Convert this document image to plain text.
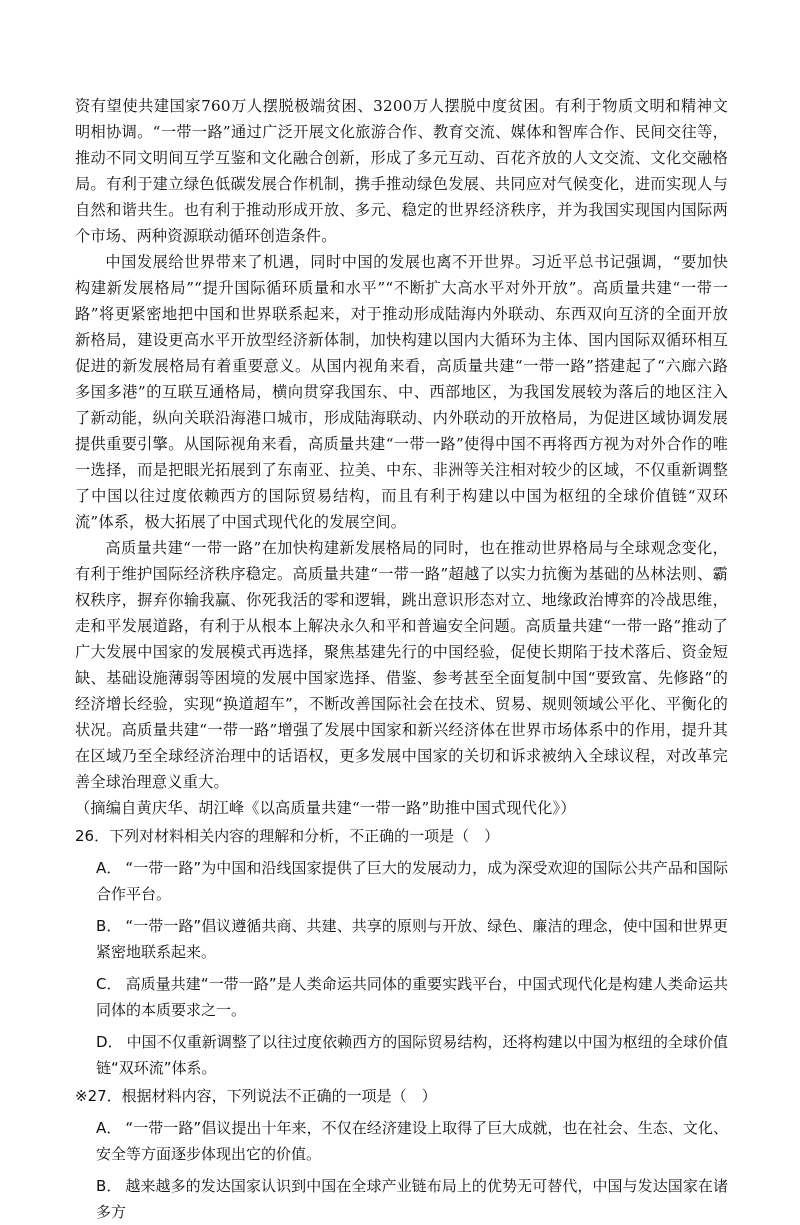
资有望使共建国家760万人摆脱极端贫困、3200万人摆脱中度贫困。有利于物质文明和精神文明相协调。“一带一路”通过广泛开展文化旅游合作、教育交流、媒体和智库合作、民间交往等，推动不同文明间互学互鉴和文化融合创新，形成了多元互动、百花齐放的人文交流、文化交融格局。有利于建立绿色低碳发展合作机制，携手推动绿色发展、共同应对气候变化，进而实现人与自然和谐共生。也有利于推动形成开放、多元、稳定的世界经济秩序，并为我国实现国内国际两个市场、两种资源联动循环创造条件。

中国发展给世界带来了机遇，同时中国的发展也离不开世界。习近平总书记强调，“要加快构建新发展格局”“提升国际循环质量和水平”“不断扩大高水平对外开放”。高质量共建“一带一路”将更紧密地把中国和世界联系起来，对于推动形成陆海内外联动、东西双向互济的全面开放新格局，建设更高水平开放型经济新体制，加快构建以国内大循环为主体、国内国际双循环相互促进的新发展格局有着重要意义。从国内视角来看，高质量共建“一带一路”搭建起了“六廊六路多国多港”的互联互通格局，横向贯穿我国东、中、西部地区，为我国发展较为落后的地区注入了新动能，纵向关联沿海港口城市，形成陆海联动、内外联动的开放格局，为促进区域协调发展提供重要引擎。从国际视角来看，高质量共建“一带一路”使得中国不再将西方视为对外合作的唯一选择，而是把眼光拓展到了东南亚、拉美、中东、非洲等关注相对较少的区域，不仅重新调整了中国以往过度依赖西方的国际贸易结构，而且有利于构建以中国为枢纽的全球价值链“双环流”体系，极大拓展了中国式现代化的发展空间。

高质量共建“一带一路”在加快构建新发展格局的同时，也在推动世界格局与全球观念变化，有利于维护国际经济秩序稳定。高质量共建“一带一路”超越了以实力抗衡为基础的丛林法则、霸权秩序，摒弃你输我赢、你死我活的零和逻辑，跳出意识形态对立、地缘政治博弈的冷战思维，走和平发展道路，有利于从根本上解决永久和平和普遍安全问题。高质量共建“一带一路”推动了广大发展中国家的发展模式再选择，聚焦基建先行的中国经验，促使长期陷于技术落后、资金短缺、基础设施薄弱等困境的发展中国家选择、借鉴、参考甚至全面复制中国“要致富、先修路”的经济增长经验，实现“换道超车”，不断改善国际社会在技术、贸易、规则领域公平化、平衡化的状况。高质量共建“一带一路”增强了发展中国家和新兴经济体在世界市场体系中的作用，提升其在区域乃至全球经济治理中的话语权，更多发展中国家的关切和诉求被纳入全球议程，对改革完善全球治理意义重大。

（摘编自黄庆华、胡江峰《以高质量共建“一带一路”助推中国式现代化》）

26．下列对材料相关内容的理解和分析，不正确的一项是（　）

A． “一带一路”为中国和沿线国家提供了巨大的发展动力，成为深受欢迎的国际公共产品和国际合作平台。

B． “一带一路”倡议遵循共商、共建、共享的原则与开放、绿色、廉洁的理念，使中国和世界更紧密地联系起来。

C． 高质量共建“一带一路”是人类命运共同体的重要实践平台，中国式现代化是构建人类命运共同体的本质要求之一。

D． 中国不仅重新调整了以往过度依赖西方的国际贸易结构，还将构建以中国为枢纽的全球价值链“双环流”体系。

※27．根据材料内容，下列说法不正确的一项是（　）

A． “一带一路”倡议提出十年来，不仅在经济建设上取得了巨大成就，也在社会、生态、文化、安全等方面逐步体现出它的价值。

B． 越来越多的发达国家认识到中国在全球产业链布局上的优势无可替代，中国与发达国家在诸多方
